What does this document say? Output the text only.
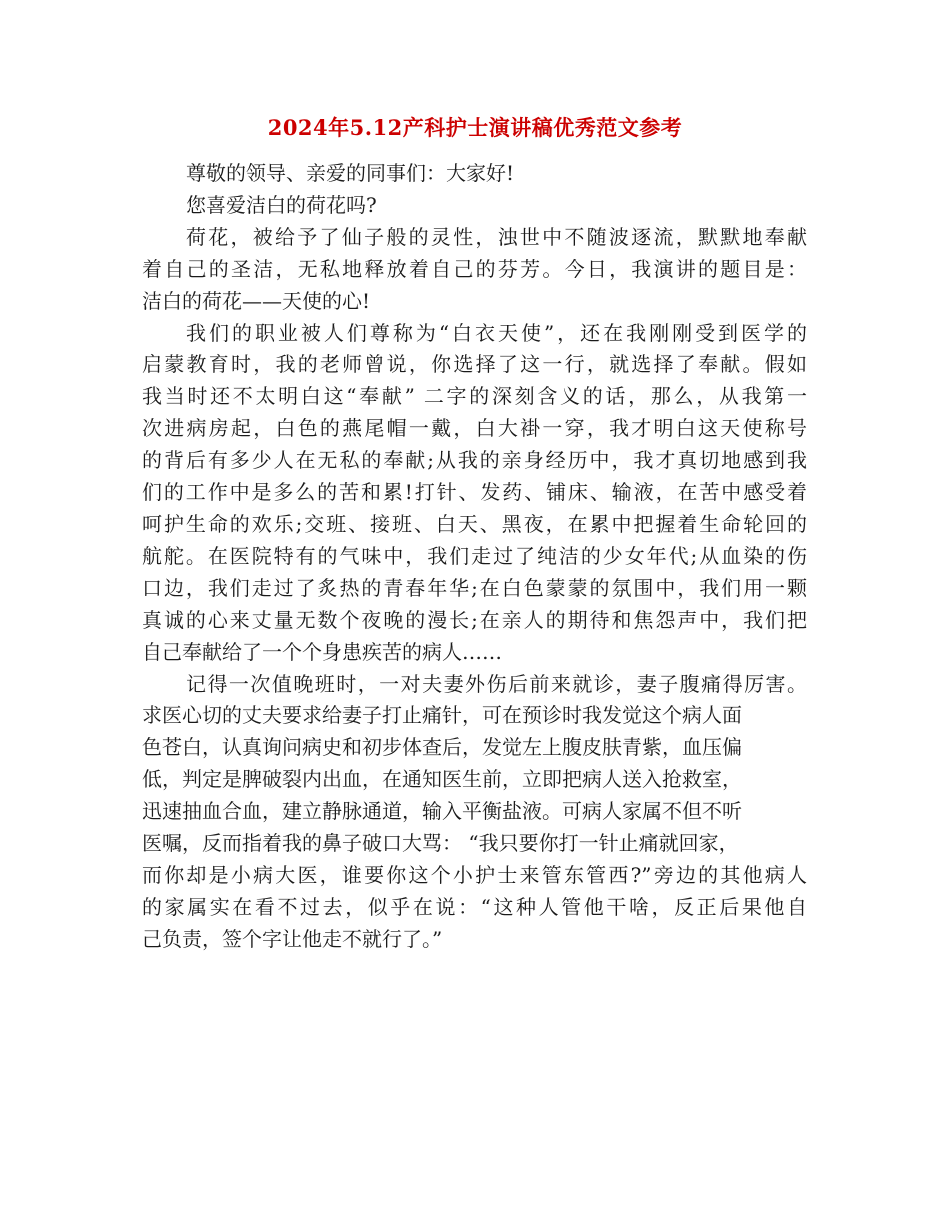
2024年5.12产科护士演讲稿优秀范文参考
尊敬的领导、亲爱的同事们：大家好!
您喜爱洁白的荷花吗?
荷花，被给予了仙子般的灵性，浊世中不随波逐流，默默地奉献
着自己的圣洁，无私地释放着自己的芬芳。今日，我演讲的题目是：
洁白的荷花——天使的心!
我们的职业被人们尊称为“白衣天使”，还在我刚刚受到医学的
启蒙教育时，我的老师曾说，你选择了这一行，就选择了奉献。假如
我当时还不太明白这“奉献” 二字的深刻含义的话，那么，从我第一
次进病房起，白色的燕尾帽一戴，白大褂一穿，我才明白这天使称号
的背后有多少人在无私的奉献;从我的亲身经历中，我才真切地感到我
们的工作中是多么的苦和累!打针、发药、铺床、输液，在苦中感受着
呵护生命的欢乐;交班、接班、白天、黑夜，在累中把握着生命轮回的
航舵。在医院特有的气味中，我们走过了纯洁的少女年代;从血染的伤
口边，我们走过了炙热的青春年华;在白色蒙蒙的氛围中，我们用一颗
真诚的心来丈量无数个夜晚的漫长;在亲人的期待和焦怨声中，我们把
自己奉献给了一个个身患疾苦的病人……
记得一次值晚班时，一对夫妻外伤后前来就诊，妻子腹痛得厉害。
求医心切的丈夫要求给妻子打止痛针，可在预诊时我发觉这个病人面
色苍白，认真询问病史和初步体查后，发觉左上腹皮肤青紫，血压偏
低，判定是脾破裂内出血，在通知医生前，立即把病人送入抢救室，
迅速抽血合血，建立静脉通道，输入平衡盐液。可病人家属不但不听
医嘱，反而指着我的鼻子破口大骂： “我只要你打一针止痛就回家，
而你却是小病大医，谁要你这个小护士来管东管西?”旁边的其他病人
的家属实在看不过去，似乎在说：“这种人管他干啥，反正后果他自
己负责，签个字让他走不就行了。”
